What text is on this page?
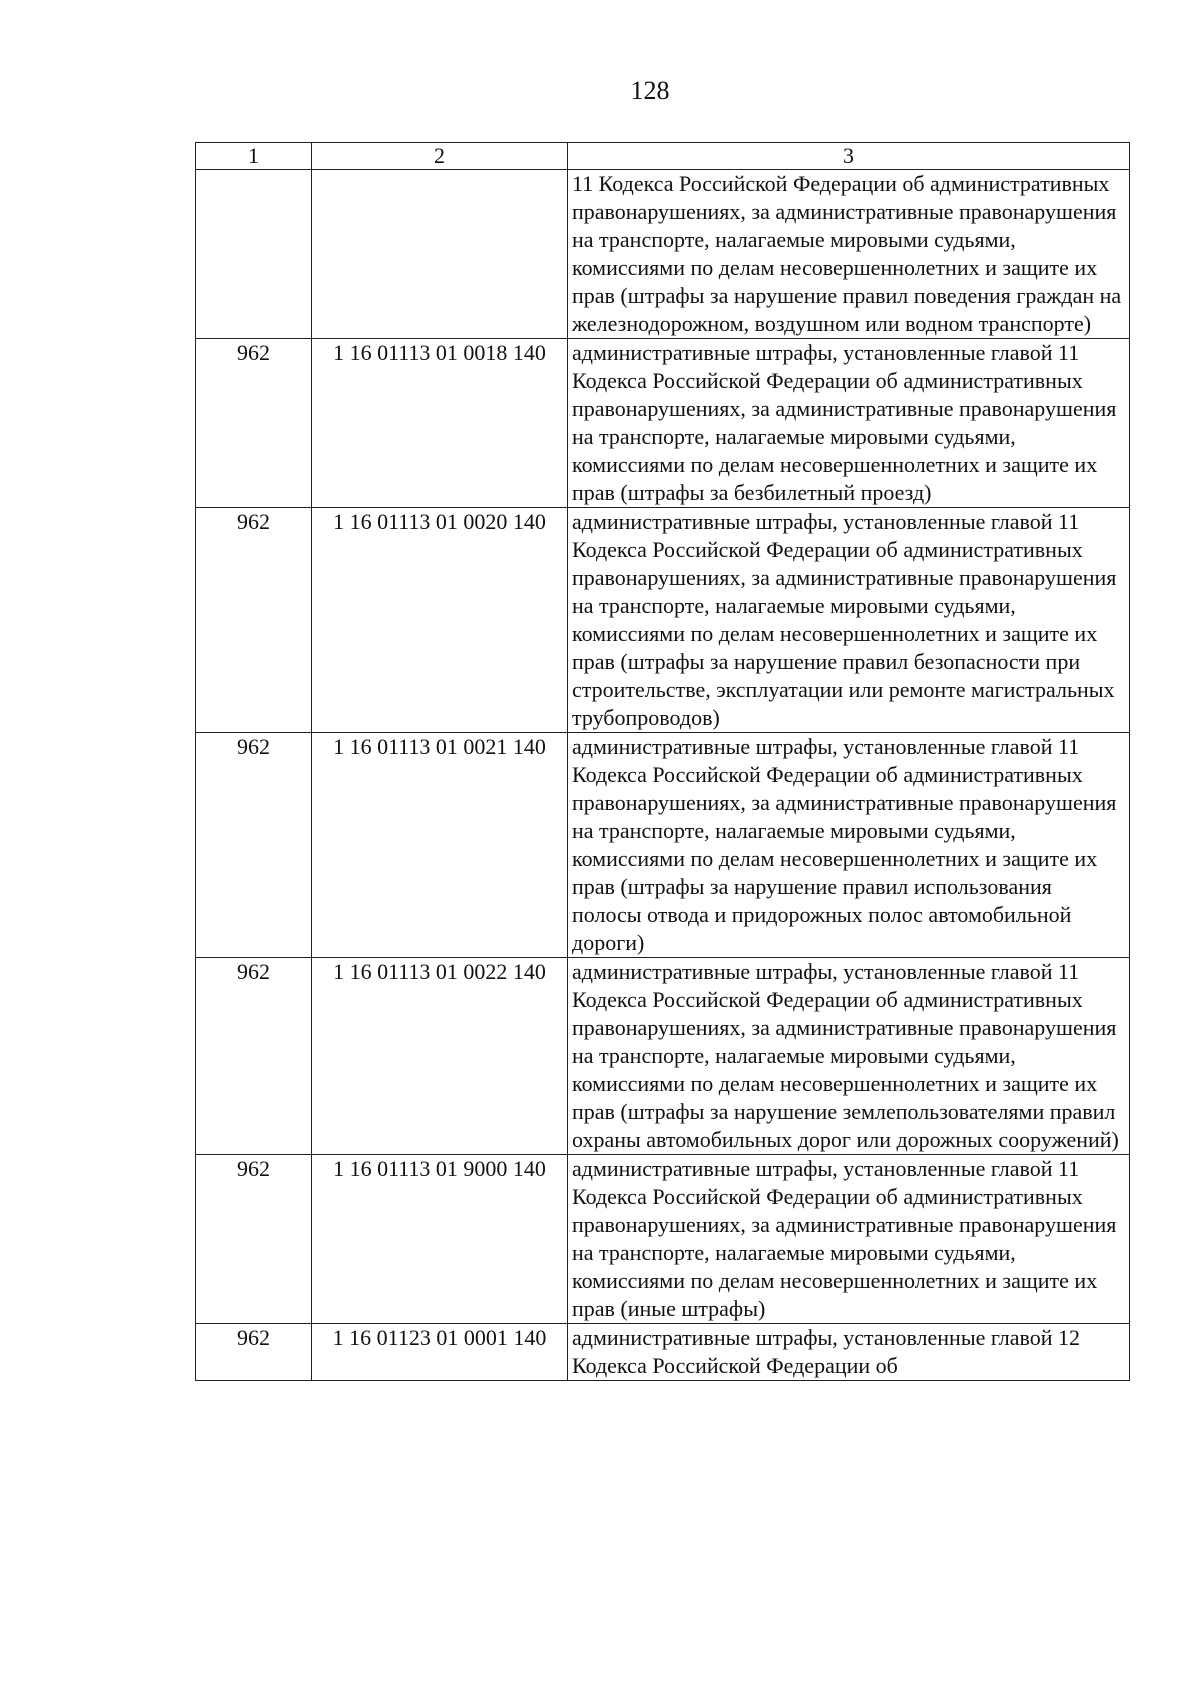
128
1	2	3
		11 Кодекса Российской Федерации об административных правонарушениях, за административные правонарушения на транспорте, налагаемые мировыми судьями, комиссиями по делам несовершеннолетних и защите их прав (штрафы за нарушение правил поведения граждан на железнодорожном, воздушном или водном транспорте)
962	1 16 01113 01 0018 140	административные штрафы, установленные главой 11 Кодекса Российской Федерации об административных правонарушениях, за административные правонарушения на транспорте, налагаемые мировыми судьями, комиссиями по делам несовершеннолетних и защите их прав (штрафы за безбилетный проезд)
962	1 16 01113 01 0020 140	административные штрафы, установленные главой 11 Кодекса Российской Федерации об административных правонарушениях, за административные правонарушения на транспорте, налагаемые мировыми судьями, комиссиями по делам несовершеннолетних и защите их прав (штрафы за нарушение правил безопасности при строительстве, эксплуатации или ремонте магистральных трубопроводов)
962	1 16 01113 01 0021 140	административные штрафы, установленные главой 11 Кодекса Российской Федерации об административных правонарушениях, за административные правонарушения на транспорте, налагаемые мировыми судьями, комиссиями по делам несовершеннолетних и защите их прав (штрафы за нарушение правил использования полосы отвода и придорожных полос автомобильной дороги)
962	1 16 01113 01 0022 140	административные штрафы, установленные главой 11 Кодекса Российской Федерации об административных правонарушениях, за административные правонарушения на транспорте, налагаемые мировыми судьями, комиссиями по делам несовершеннолетних и защите их прав (штрафы за нарушение землепользователями правил охраны автомобильных дорог или дорожных сооружений)
962	1 16 01113 01 9000 140	административные штрафы, установленные главой 11 Кодекса Российской Федерации об административных правонарушениях, за административные правонарушения на транспорте, налагаемые мировыми судьями, комиссиями по делам несовершеннолетних и защите их прав (иные штрафы)
962	1 16 01123 01 0001 140	административные штрафы, установленные главой 12 Кодекса Российской Федерации об
